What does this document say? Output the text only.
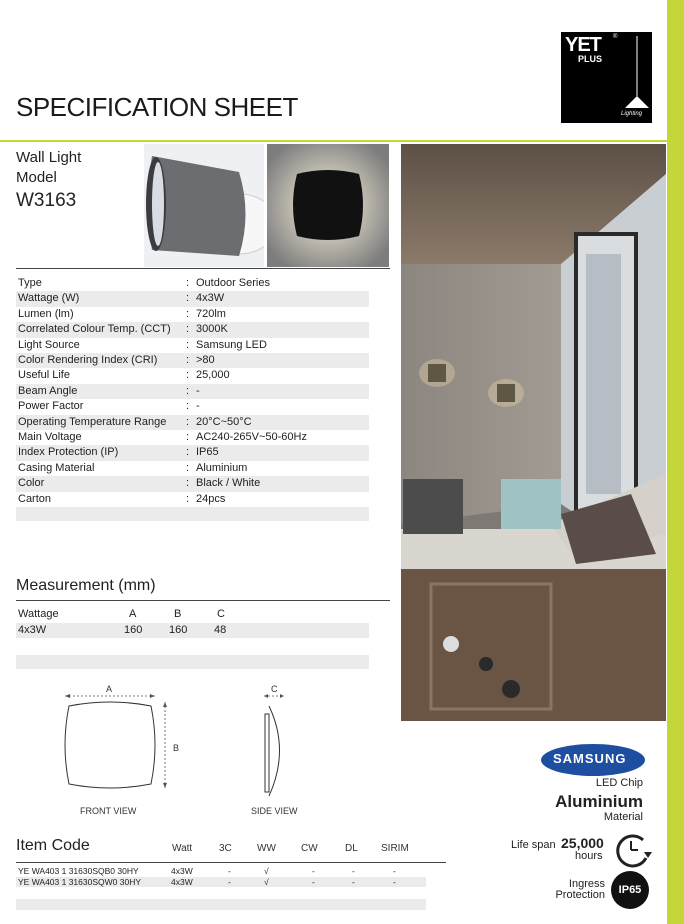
YET ®
PLUS
Lighting
SPECIFICATION SHEET
Wall Light
Model
W3163
Type	: Outdoor Series
Wattage (W)	: 4x3W
Lumen (lm)	: 720lm
Correlated Colour Temp. (CCT) : 3000K
Light Source	: Samsung LED
Color Rendering Index (CRI)	: >80
Useful Life	: 25,000
Beam Angle	: -
Power Factor	: -
Operating Temperature Range : 20°C~50°C
Main Voltage	: AC240-265V~50-60Hz
Index Protection (IP)	: IP65
Casing Material	: Aluminium
Color	: Black / White
Carton	: 24pcs
Measurement (mm)
Wattage	A	B	C
4x3W	160 160 48
A
B
FRONT VIEW
C
SIDE VIEW
Item Code	Watt	3C	WW	CW	DL SIRIM
YE WA403 1 31630SQB0 30HY	4x3W	-	√	-	-	-
YE WA403 1 31630SQW0 30HY	4x3W	-	√	-	-	-
SAMSUNG
LED Chip
Aluminium
Material
Life span 25,000
hours
Ingress
Protection	IP65
